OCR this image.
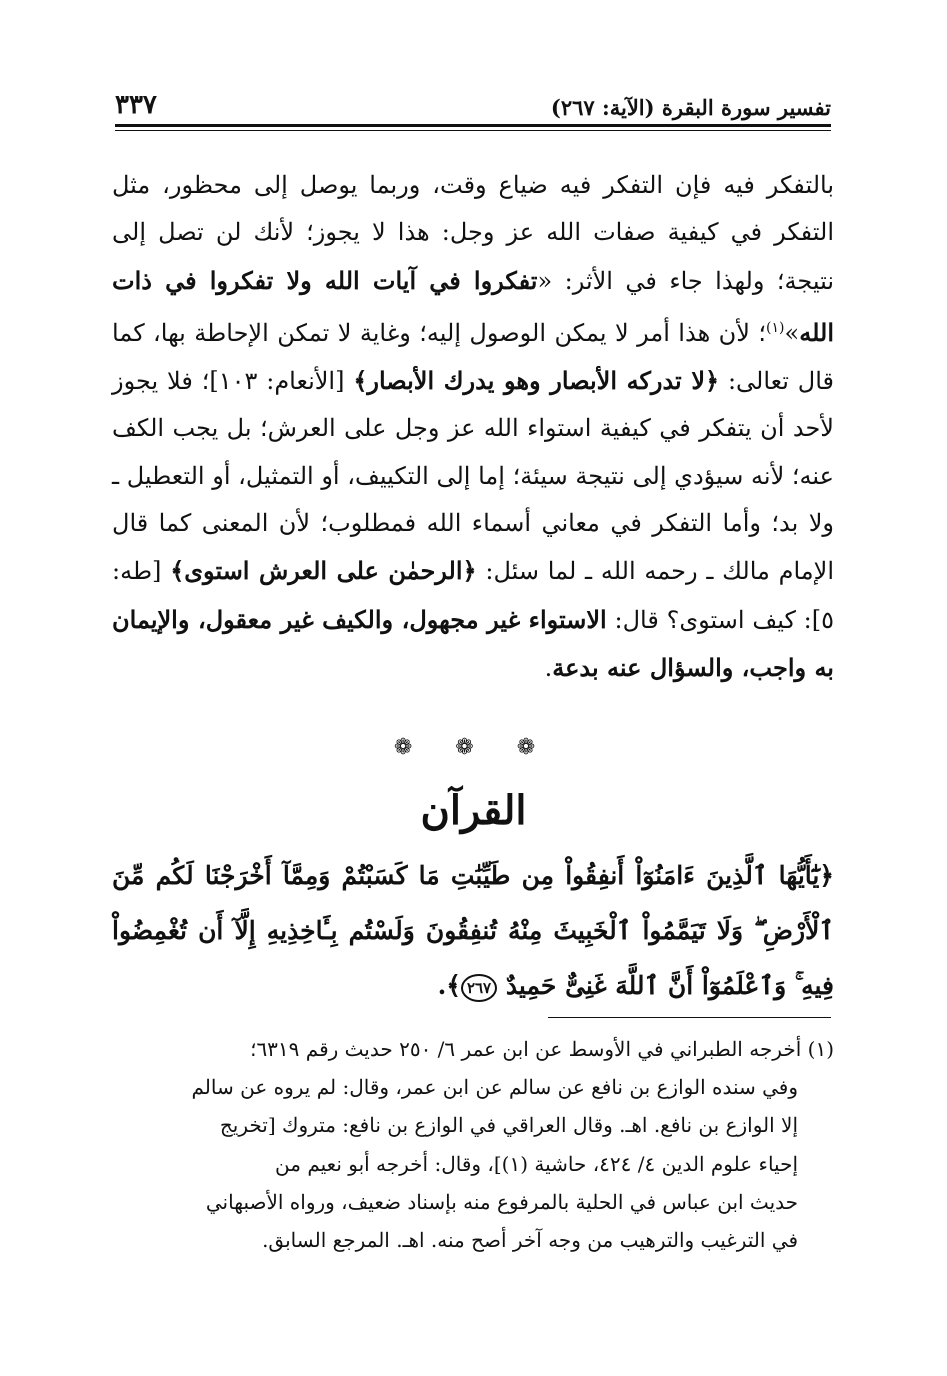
تفسير سورة البقرة (الآية: ٢٦٧)
٣٣٧
بالتفكر فيه فإن التفكر فيه ضياع وقت، وربما يوصل إلى محظور، مثل التفكر في كيفية صفات الله عز وجل: هذا لا يجوز؛ لأنك لن تصل إلى نتيجة؛ ولهذا جاء في الأثر: «تفكروا في آيات الله ولا تفكروا في ذات الله»$^{(١)}$؛ لأن هذا أمر لا يمكن الوصول إليه؛ وغاية لا تمكن الإحاطة بها، كما قال تعالى: ﴿لا تدركه الأبصار وهو يدرك الأبصار﴾ [الأنعام: ١٠٣]؛ فلا يجوز لأحد أن يتفكر في كيفية استواء الله عز وجل على العرش؛ بل يجب الكف عنه؛ لأنه سيؤدي إلى نتيجة سيئة؛ إما إلى التكييف، أو التمثيل، أو التعطيل ـ ولا بد؛ وأما التفكر في معاني أسماء الله فمطلوب؛ لأن المعنى كما قال الإمام مالك ـ رحمه الله ـ لما سئل: ﴿الرحمٰن على العرش استوى﴾ [طه: ٥]: كيف استوى؟ قال: الاستواء غير مجهول، والكيف غير معقول، والإيمان به واجب، والسؤال عنه بدعة.
❁ ❁ ❁
القرآن
﴿يَٰٓأَيُّهَا ٱلَّذِينَ ءَامَنُوٓاْ أَنفِقُواْ مِن طَيِّبَٰتِ مَا كَسَبْتُمْ وَمِمَّآ أَخْرَجْنَا لَكُم مِّنَ ٱلْأَرْضِ ۖ وَلَا تَيَمَّمُواْ ٱلْخَبِيثَ مِنْهُ تُنفِقُونَ وَلَسْتُم بِـَٔاخِذِيهِ إِلَّآ أَن تُغْمِضُواْ فِيهِ ۚ وَٱعْلَمُوٓاْ أَنَّ ٱللَّهَ غَنِىٌّ حَمِيدٌ ٢٦٧﴾.
(١) أخرجه الطبراني في الأوسط عن ابن عمر ٦/ ٢٥٠ حديث رقم ٦٣١٩؛
وفي سنده الوازع بن نافع عن سالم عن ابن عمر، وقال: لم يروه عن سالم
إلا الوازع بن نافع. اهـ. وقال العراقي في الوازع بن نافع: متروك [تخريج
إحياء علوم الدين ٤/ ٤٢٤، حاشية (١)]، وقال: أخرجه أبو نعيم من
حديث ابن عباس في الحلية بالمرفوع منه بإسناد ضعيف، ورواه الأصبهاني
في الترغيب والترهيب من وجه آخر أصح منه. اهـ. المرجع السابق.
